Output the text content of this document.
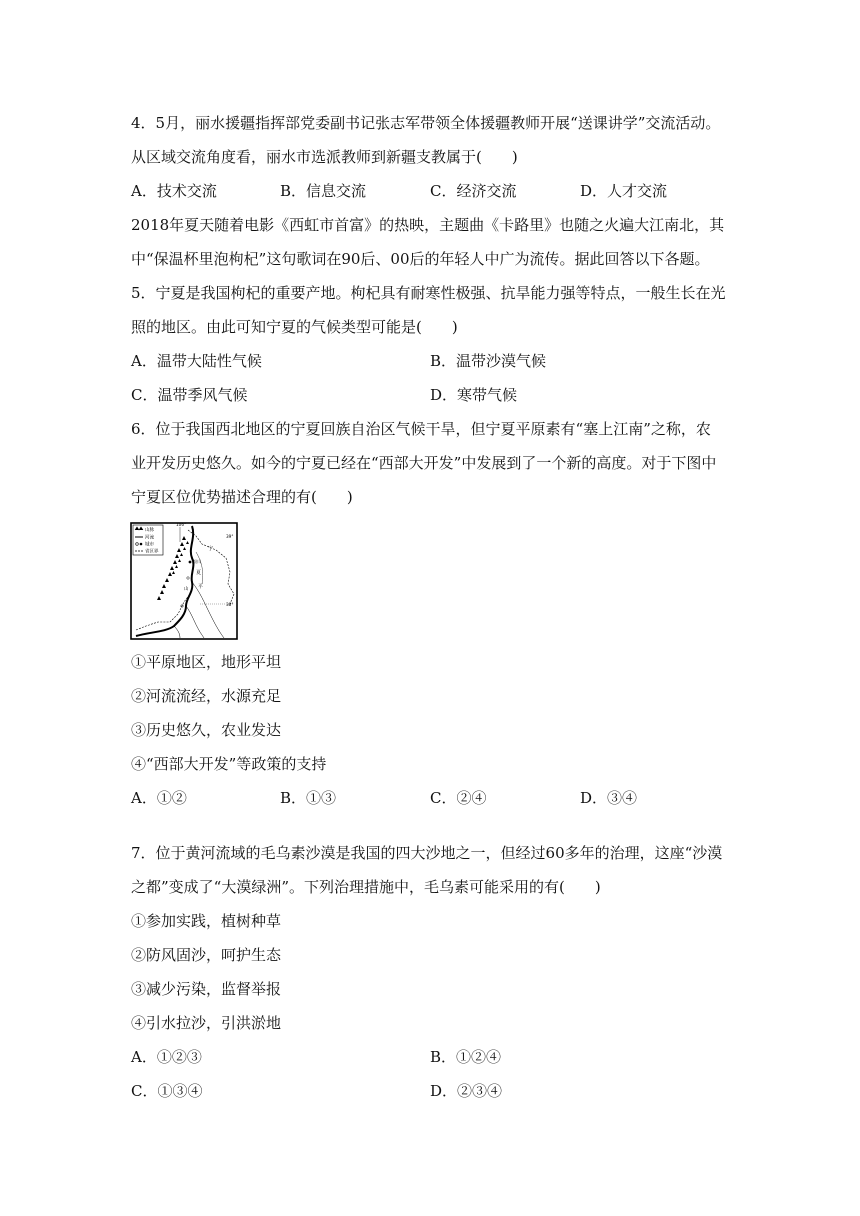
4．5月，丽水援疆指挥部党委副书记张志军带领全体援疆教师开展“送课讲学”交流活动。
从区域交流角度看，丽水市选派教师到新疆支教属于(　　)
A．技术交流	B．信息交流	C．经济交流	D．人才交流
2018年夏天随着电影《西虹市首富》的热映，主题曲《卡路里》也随之火遍大江南北，其
中“保温杯里泡枸杞”这句歌词在90后、00后的年轻人中广为流传。据此回答以下各题。
5．宁夏是我国枸杞的重要产地。枸杞具有耐寒性极强、抗旱能力强等特点，一般生长在光
照的地区。由此可知宁夏的气候类型可能是(　　)
A．温带大陆性气候	B．温带沙漠气候
C．温带季风气候	D．寒带气候
6．位于我国西北地区的宁夏回族自治区气候干旱，但宁夏平原素有“塞上江南”之称，农
业开发历史悠久。如今的宁夏已经在“西部大开发”中发展到了一个新的高度。对于下图中
宁夏区位优势描述合理的有(　　)
山脉
河流
城市
省区界
106°
39°
38°
银川
宁
夏
平
山
①平原地区，地形平坦
②河流流经，水源充足
③历史悠久，农业发达
④“西部大开发”等政策的支持
A．①②	B．①③	C．②④	D．③④
7．位于黄河流域的毛乌素沙漠是我国的四大沙地之一，但经过60多年的治理，这座“沙漠
之都”变成了“大漠绿洲”。下列治理措施中，毛乌素可能采用的有(　　)
①参加实践，植树种草
②防风固沙，呵护生态
③减少污染，监督举报
④引水拉沙，引洪淤地
A．①②③	B．①②④
C．①③④	D．②③④
